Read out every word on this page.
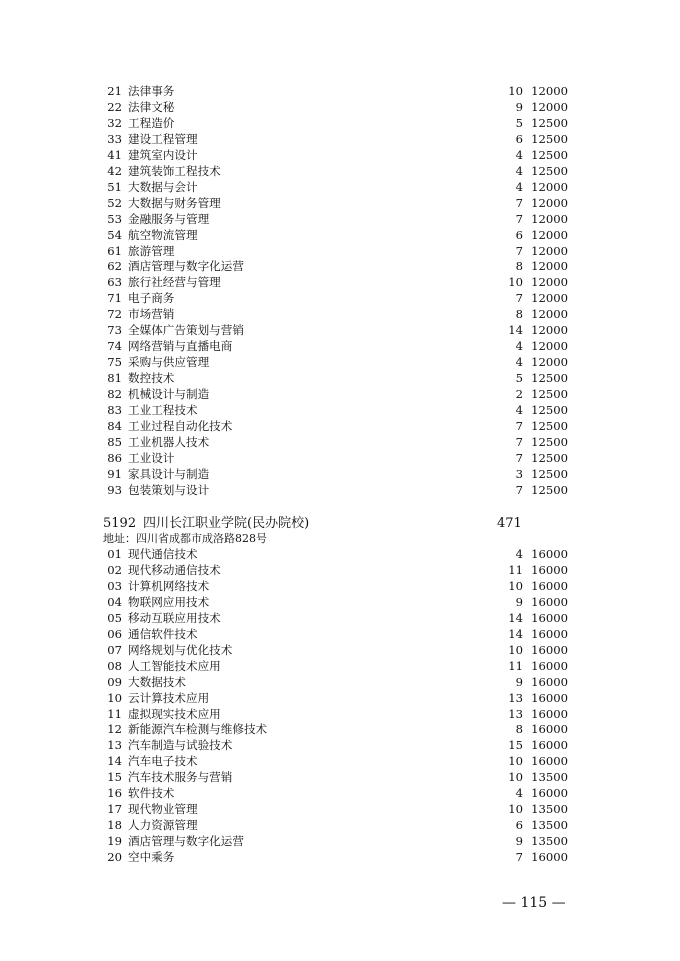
21 法律事务	10 12000
22 法律文秘	9 12000
32 工程造价	5 12500
33 建设工程管理	6 12500
41 建筑室内设计	4 12500
42 建筑装饰工程技术	4 12500
51 大数据与会计	4 12000
52 大数据与财务管理	7 12000
53 金融服务与管理	7 12000
54 航空物流管理	6 12000
61 旅游管理	7 12000
62 酒店管理与数字化运营	8 12000
63 旅行社经营与管理	10 12000
71 电子商务	7 12000
72 市场营销	8 12000
73 全媒体广告策划与营销	14 12000
74 网络营销与直播电商	4 12000
75 采购与供应管理	4 12000
81 数控技术	5 12500
82 机械设计与制造	2 12500
83 工业工程技术	4 12500
84 工业过程自动化技术	7 12500
85 工业机器人技术	7 12500
86 工业设计	7 12500
91 家具设计与制造	3 12500
93 包装策划与设计	7 12500
5192 四川长江职业学院(民办院校)	471
地址：四川省成都市成洛路828号
01 现代通信技术	4 16000
02 现代移动通信技术	11 16000
03 计算机网络技术	10 16000
04 物联网应用技术	9 16000
05 移动互联应用技术	14 16000
06 通信软件技术	14 16000
07 网络规划与优化技术	10 16000
08 人工智能技术应用	11 16000
09 大数据技术	9 16000
10 云计算技术应用	13 16000
11 虚拟现实技术应用	13 16000
12 新能源汽车检测与维修技术	8 16000
13 汽车制造与试验技术	15 16000
14 汽车电子技术	10 16000
15 汽车技术服务与营销	10 13500
16 软件技术	4 16000
17 现代物业管理	10 13500
18 人力资源管理	6 13500
19 酒店管理与数字化运营	9 13500
20 空中乘务	7 16000
— 115 —
